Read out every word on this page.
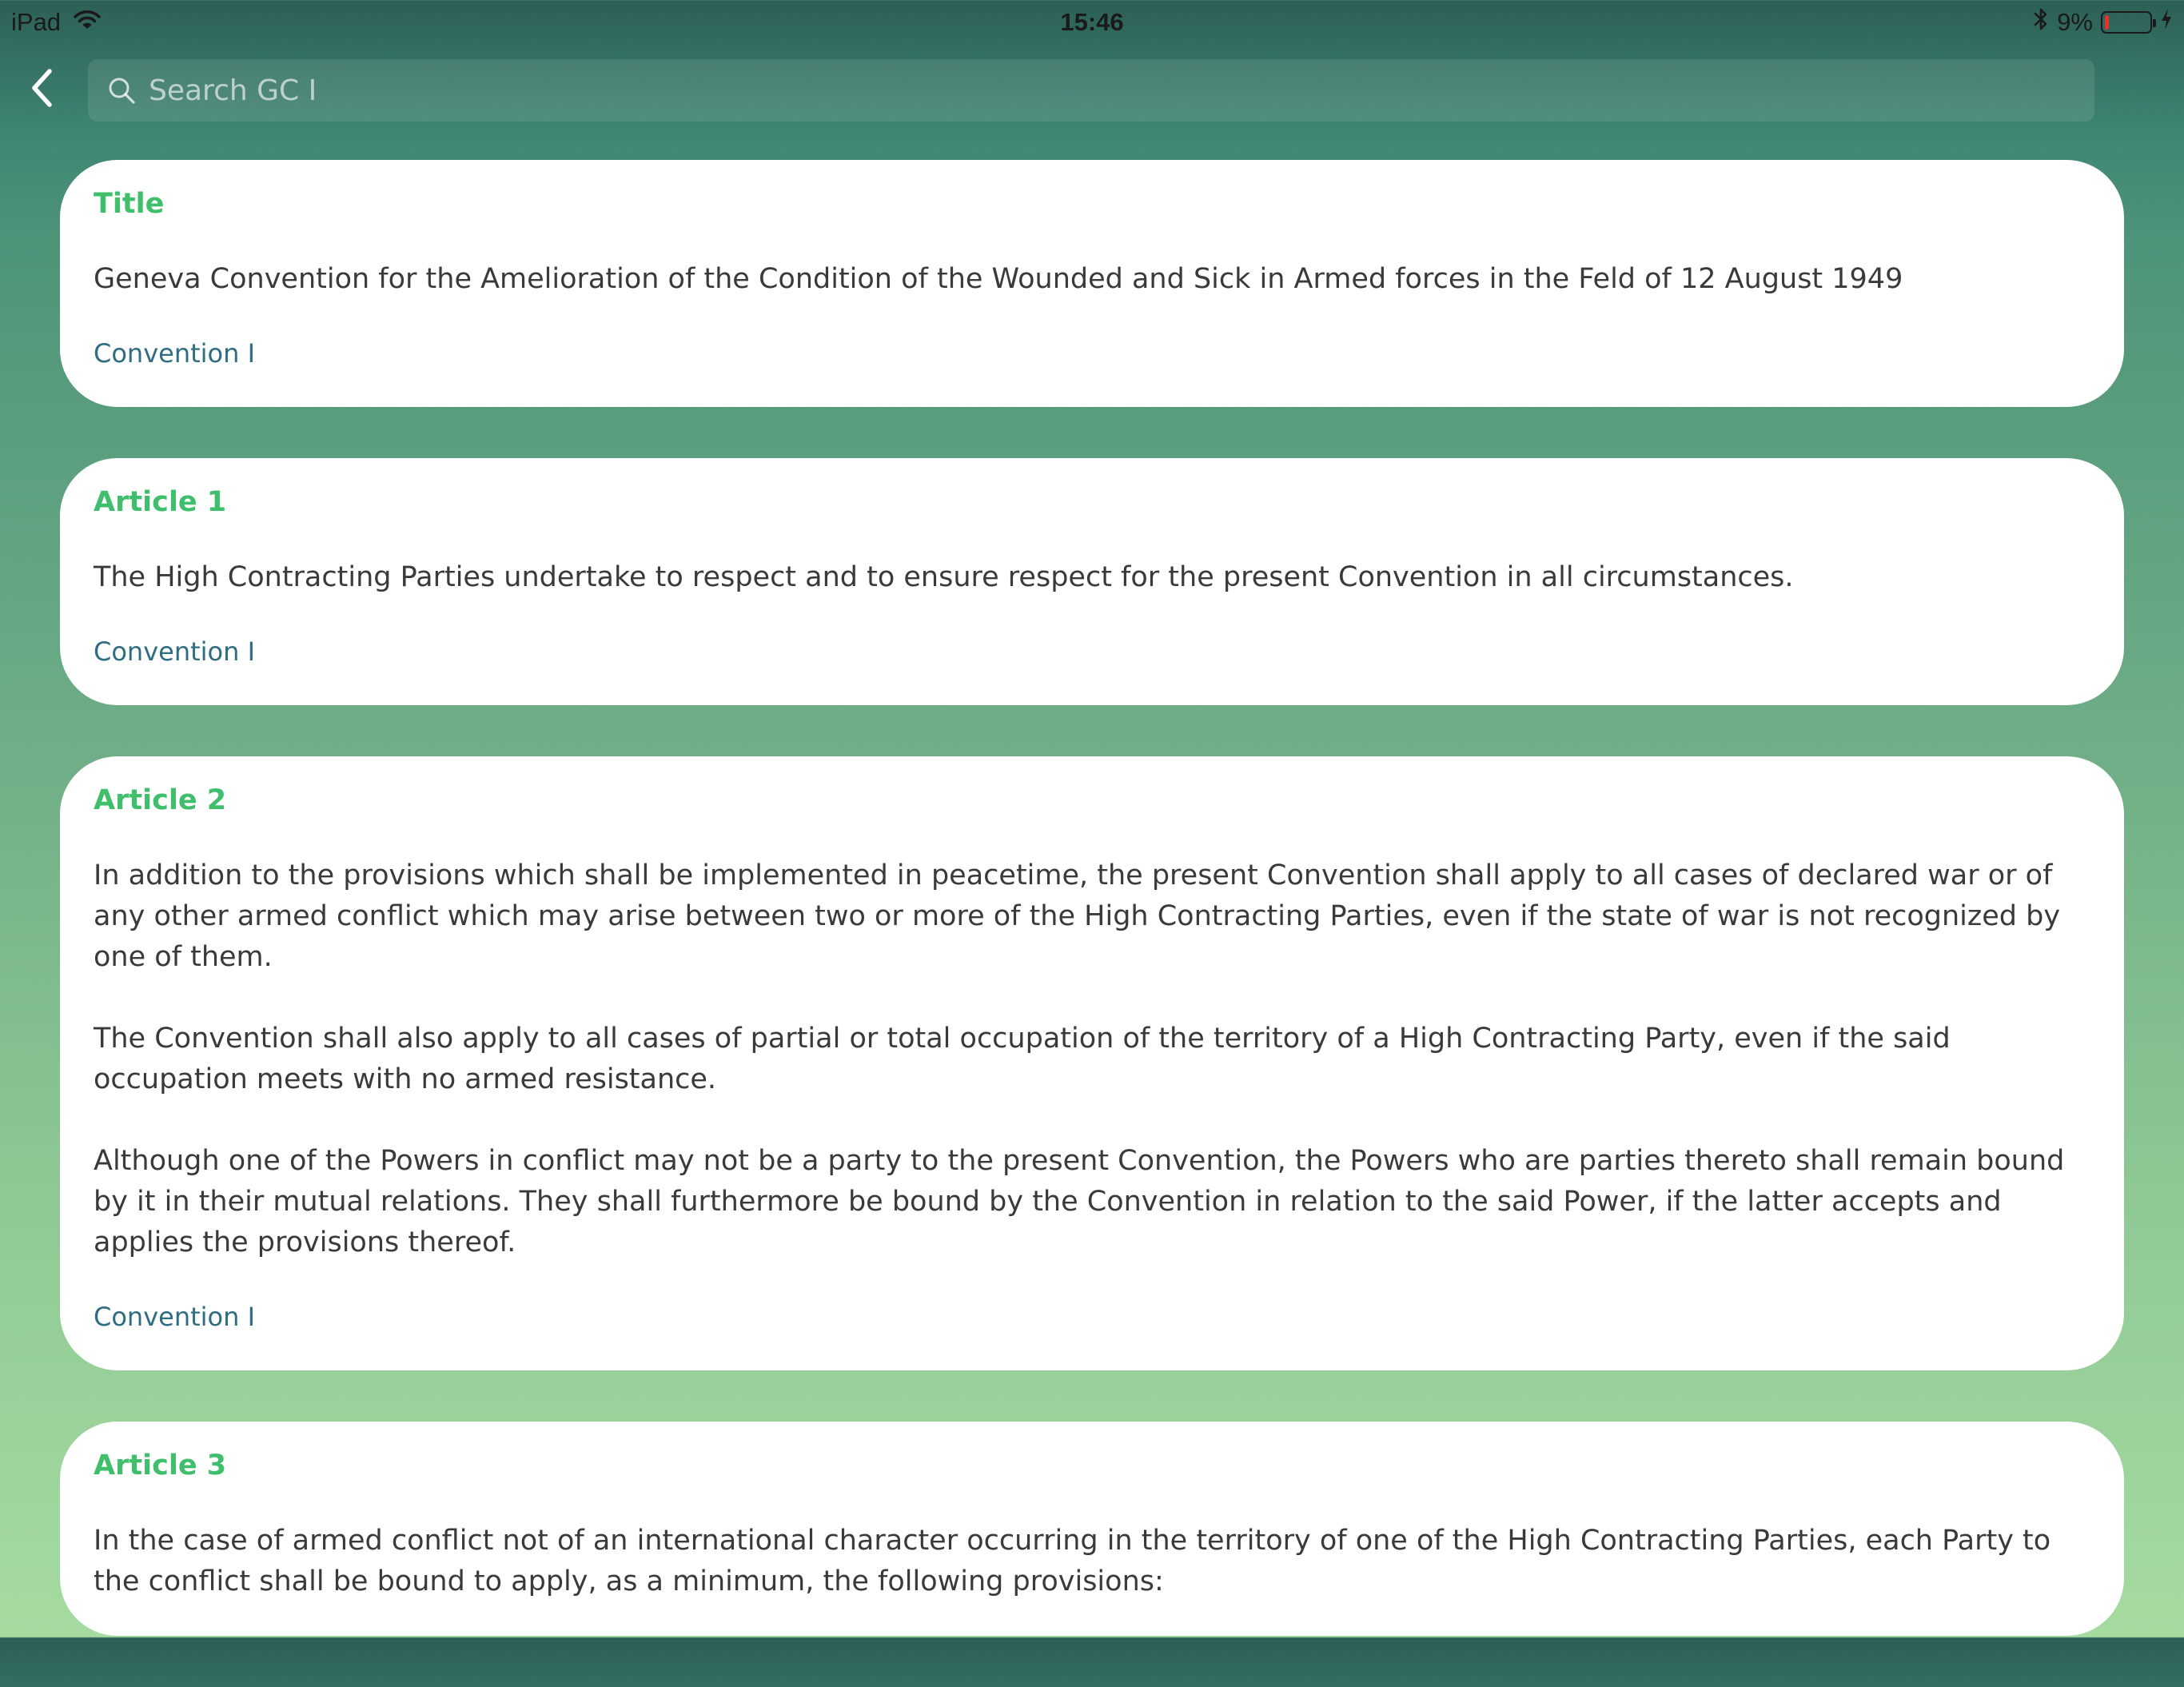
iPad	15:46	9%
Search GC I
Title

Geneva Convention for the Amelioration of the Condition of the Wounded and Sick in Armed forces in the Feld of 12 August 1949

Convention I
Article 1

The High Contracting Parties undertake to respect and to ensure respect for the present Convention in all circumstances.

Convention I
Article 2

In addition to the provisions which shall be implemented in peacetime, the present Convention shall apply to all cases of declared war or of any other armed conflict which may arise between two or more of the High Contracting Parties, even if the state of war is not recognized by one of them.

The Convention shall also apply to all cases of partial or total occupation of the territory of a High Contracting Party, even if the said occupation meets with no armed resistance.

Although one of the Powers in conflict may not be a party to the present Convention, the Powers who are parties thereto shall remain bound by it in their mutual relations. They shall furthermore be bound by the Convention in relation to the said Power, if the latter accepts and applies the provisions thereof.

Convention I
Article 3

In the case of armed conflict not of an international character occurring in the territory of one of the High Contracting Parties, each Party to the conflict shall be bound to apply, as a minimum, the following provisions:
